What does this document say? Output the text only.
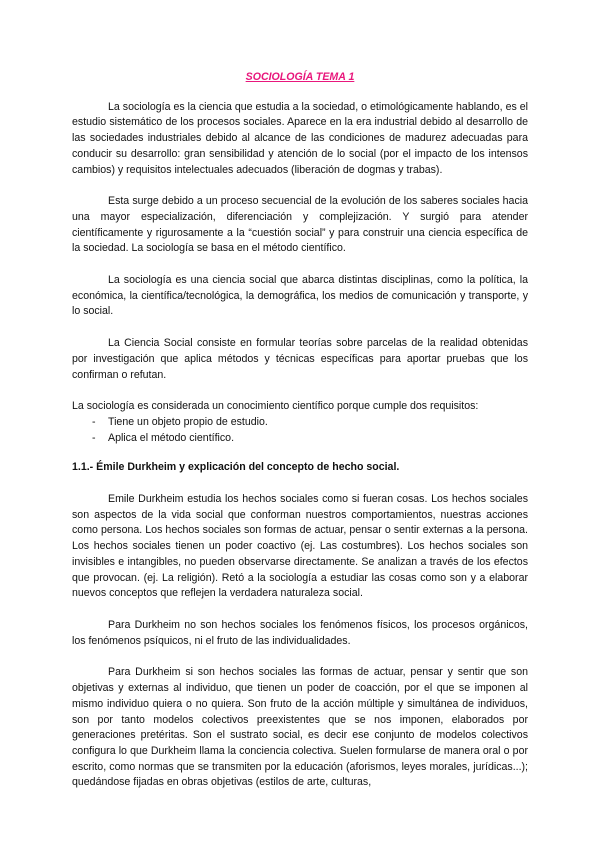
SOCIOLOGÍA TEMA 1

La sociología es la ciencia que estudia a la sociedad, o etimológicamente hablando, es el estudio sistemático de los procesos sociales. Aparece en la era industrial debido al desarrollo de las sociedades industriales debido al alcance de las condiciones de madurez adecuadas para conducir su desarrollo: gran sensibilidad y atención de lo social (por el impacto de los intensos cambios) y requisitos intelectuales adecuados (liberación de dogmas y trabas).

Esta surge debido a un proceso secuencial de la evolución de los saberes sociales hacia una mayor especialización, diferenciación y complejización. Y surgió para atender científicamente y rigurosamente a la “cuestión social” y para construir una ciencia específica de la sociedad. La sociología se basa en el método científico.

La sociología es una ciencia social que abarca distintas disciplinas, como la política, la económica, la científica/tecnológica, la demográfica, los medios de comunicación y transporte, y lo social.

La Ciencia Social consiste en formular teorías sobre parcelas de la realidad obtenidas por investigación que aplica métodos y técnicas específicas para aportar pruebas que los confirman o refutan.

La sociología es considerada un conocimiento científico porque cumple dos requisitos:

- Tiene un objeto propio de estudio.
- Aplica el método científico.

1.1.- Émile Durkheim y explicación del concepto de hecho social.

Emile Durkheim estudia los hechos sociales como si fueran cosas. Los hechos sociales son aspectos de la vida social que conforman nuestros comportamientos, nuestras acciones como persona. Los hechos sociales son formas de actuar, pensar o sentir externas a la persona. Los hechos sociales tienen un poder coactivo (ej. Las costumbres). Los hechos sociales son invisibles e intangibles, no pueden observarse directamente. Se analizan a través de los efectos que provocan. (ej. La religión). Retó a la sociología a estudiar las cosas como son y a elaborar nuevos conceptos que reflejen la verdadera naturaleza social.

Para Durkheim no son hechos sociales los fenómenos físicos, los procesos orgánicos, los fenómenos psíquicos, ni el fruto de las individualidades.

Para Durkheim si son hechos sociales las formas de actuar, pensar y sentir que son objetivas y externas al individuo, que tienen un poder de coacción, por el que se imponen al mismo individuo quiera o no quiera. Son fruto de la acción múltiple y simultánea de individuos, son por tanto modelos colectivos preexistentes que se nos imponen, elaborados por generaciones pretéritas. Son el sustrato social, es decir ese conjunto de modelos colectivos configura lo que Durkheim llama la conciencia colectiva. Suelen formularse de manera oral o por escrito, como normas que se transmiten por la educación (aforismos, leyes morales, jurídicas...); quedándose fijadas en obras objetivas (estilos de arte, culturas,
